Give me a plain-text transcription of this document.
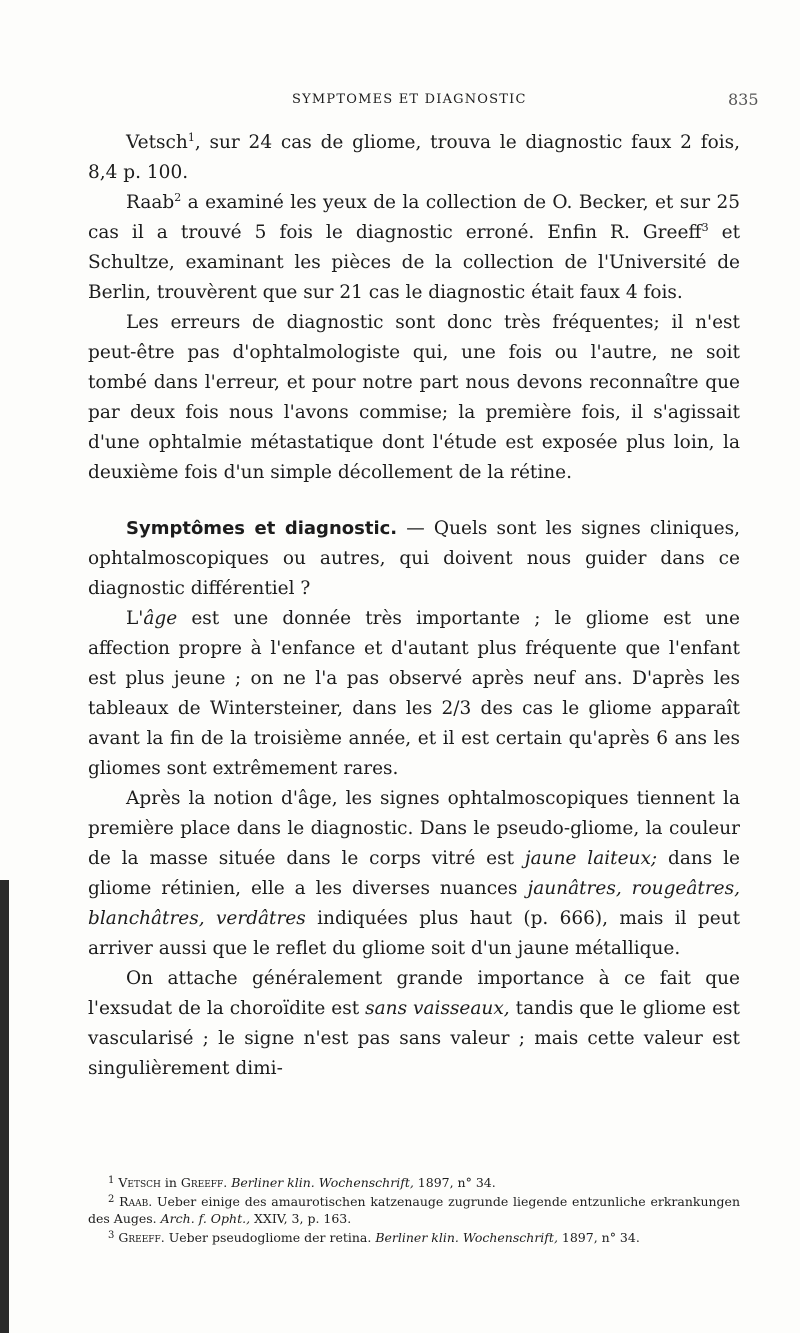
SYMPTOMES ET DIAGNOSTIC	835

Vetsch$^1$, sur 24 cas de gliome, trouva le diagnostic faux 2 fois, 8,4 p. 100.

Raab$^2$ a examiné les yeux de la collection de O. Becker, et sur 25 cas il a trouvé 5 fois le diagnostic erroné. Enfin R. Greeff$^3$ et Schultze, examinant les pièces de la collection de l'Université de Berlin, trouvèrent que sur 21 cas le diagnostic était faux 4 fois.

Les erreurs de diagnostic sont donc très fréquentes; il n'est peut-être pas d'ophtalmologiste qui, une fois ou l'autre, ne soit tombé dans l'erreur, et pour notre part nous devons reconnaître que par deux fois nous l'avons commise; la première fois, il s'agissait d'une ophtalmie métastatique dont l'étude est exposée plus loin, la deuxième fois d'un simple décollement de la rétine.

Symptômes et diagnostic. — Quels sont les signes cliniques, ophtalmoscopiques ou autres, qui doivent nous guider dans ce diagnostic différentiel ?

L'âge est une donnée très importante ; le gliome est une affection propre à l'enfance et d'autant plus fréquente que l'enfant est plus jeune ; on ne l'a pas observé après neuf ans. D'après les tableaux de Wintersteiner, dans les 2/3 des cas le gliome apparaît avant la fin de la troisième année, et il est certain qu'après 6 ans les gliomes sont extrêmement rares.

Après la notion d'âge, les signes ophtalmoscopiques tiennent la première place dans le diagnostic. Dans le pseudo-gliome, la couleur de la masse située dans le corps vitré est jaune laiteux; dans le gliome rétinien, elle a les diverses nuances jaunâtres, rougeâtres, blanchâtres, verdâtres indiquées plus haut (p. 666), mais il peut arriver aussi que le reflet du gliome soit d'un jaune métallique.

On attache généralement grande importance à ce fait que l'exsudat de la choroïdite est sans vaisseaux, tandis que le gliome est vascularisé ; le signe n'est pas sans valeur ; mais cette valeur est singulièrement dimi-

$^1$ Vetsch in Greeff. Berliner klin. Wochenschrift, 1897, n° 34.

$^2$ Raab. Ueber einige des amaurotischen katzenauge zugrunde liegende entzunliche erkrankungen des Auges. Arch. f. Opht., XXIV, 3, p. 163.

$^3$ Greeff. Ueber pseudogliome der retina. Berliner klin. Wochenschrift, 1897, n° 34.
